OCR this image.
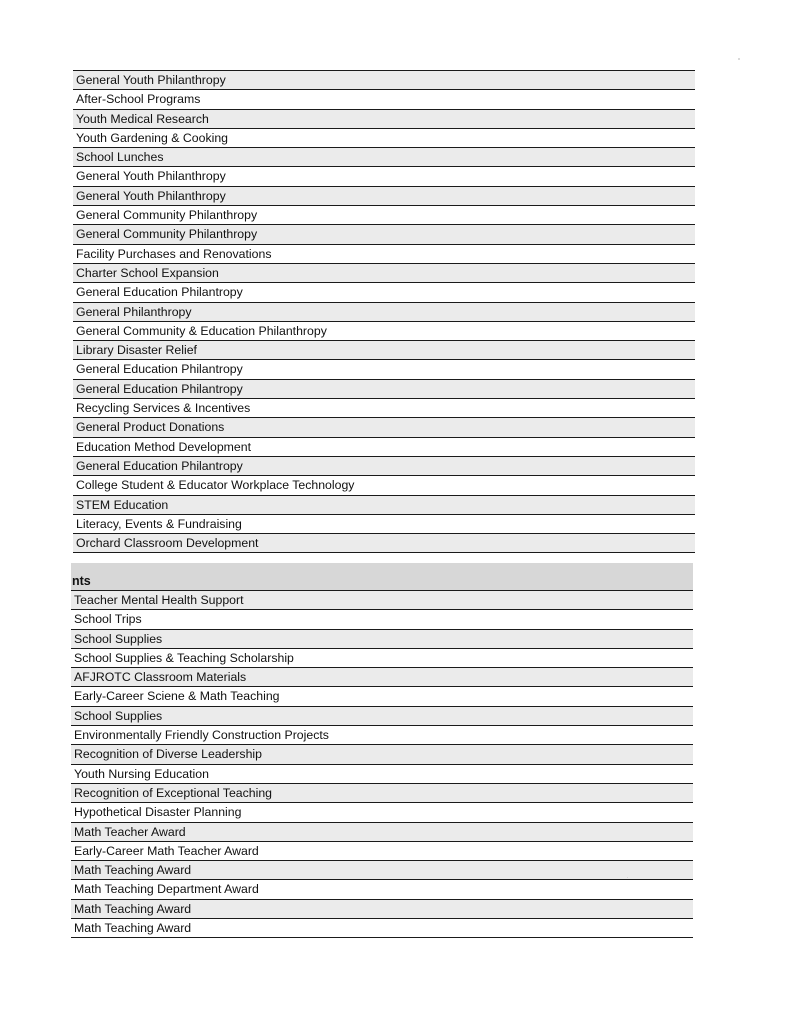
General Youth Philanthropy
After-School Programs
Youth Medical Research
Youth Gardening & Cooking
School Lunches
General Youth Philanthropy
General Youth Philanthropy
General Community Philanthropy
General Community Philanthropy
Facility Purchases and Renovations
Charter School Expansion
General Education Philantropy
General Philanthropy
General Community & Education Philanthropy
Library Disaster Relief
General Education Philantropy
General Education Philantropy
Recycling Services & Incentives
General Product Donations
Education Method Development
General Education Philantropy
College Student & Educator Workplace Technology
STEM Education
Literacy, Events & Fundraising
Orchard Classroom Development
nts
Teacher Mental Health Support
School Trips
School Supplies
School Supplies & Teaching Scholarship
AFJROTC Classroom Materials
Early-Career Sciene & Math Teaching
School Supplies
Environmentally Friendly Construction Projects
Recognition of Diverse Leadership
Youth Nursing Education
Recognition of Exceptional Teaching
Hypothetical Disaster Planning
Math Teacher Award
Early-Career Math Teacher Award
Math Teaching Award
Math Teaching Department Award
Math Teaching Award
Math Teaching Award
